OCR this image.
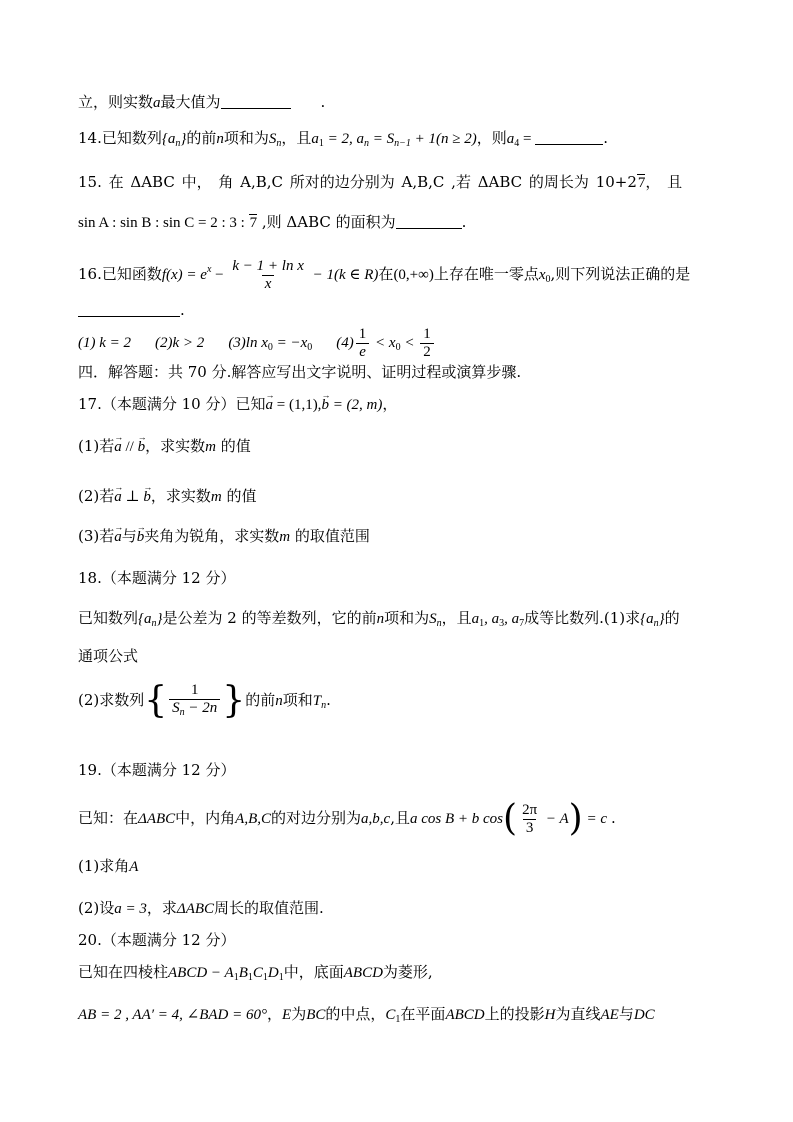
立，则实数a最大值为	.
14.已知数列$\{a_n\}$的前n项和为$S_n$，且$a_1 = 2$, $a_n = S_{n-1} + 1(n \ge 2)$，则$a_4$ =	.
15. 在 ΔABC 中， 角 A,B,C 所对的边分别为 A,B,C ,若 ΔABC 的周长为 10+27， 且
sin A : sin B : sin C = 2 : 3 : 7 ,则 ΔABC 的面积为	.
16.已知函数$f(x) = e^x - \frac{\text{k − 1 + ln x}}{x} - 1(k$ ∈ R)在(0,+∞)上存在唯一零点$x_0$,则下列说法正确的是
.
(1) k = 2 (2)k > 2 (3)ln $x_0 = -x_0$ $(4) \frac{1}{e} < x_0 < \frac{1}{2}$
四．解答题：共 70 分.解答应写出文字说明、证明过程或演算步骤.
17.（本题满分 10 分）已知→ a = (1,1),→ b = (2, m)，
(1)若→ a // → b，求实数m 的值
(2)若→ a ⊥ → b，求实数m 的值
(3)若→ a与→ b夹角为锐角，求实数m 的取值范围
18.（本题满分 12 分）
已知数列$\{a_n\}$是公差为 2 的等差数列，它的前n项和为$S_n$，且$a_1$, $a_3$, $a_7$成等比数列.(1)求$\{a_n\}$的
通项公式
(2)求数列{ $\frac{1}{S_n - 2n}$ }的前n项和$T_n$.
19.（本题满分 12 分）
已知：在ΔABC中，内角A,B,C的对边分别为a,b,c,且a cos B + b $\cos( \frac{2\pi}{3} - A) = c$ .
(1)求角A
(2)设a = 3，求ΔABC周长的取值范围.
20.（本题满分 12 分）
已知在四棱柱ABCD − $A_1B_1C_1D_1$中，底面ABCD为菱形,
AB = 2 , AA′ = 4, ∠BAD = 60°，E为BC的中点，$C_1$在平面ABCD上的投影H为直线AE与DC
